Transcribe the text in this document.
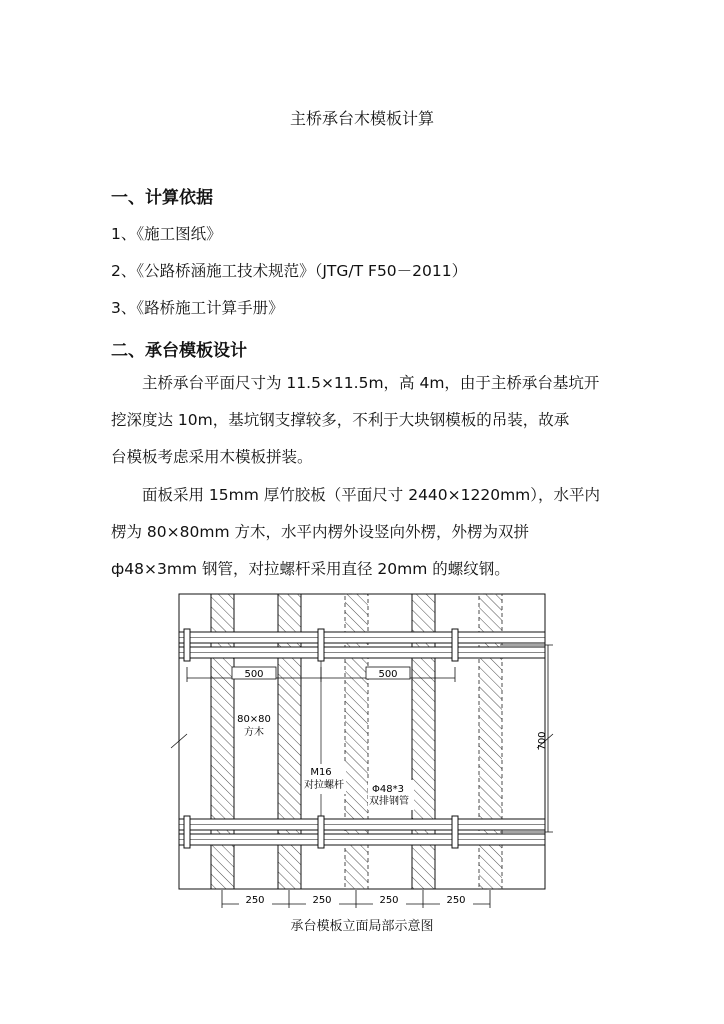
主桥承台木模板计算
一、计算依据
1、《施工图纸》
2、《公路桥涵施工技术规范》（JTG/T F50－2011）
3、《路桥施工计算手册》
二、承台模板设计

主桥承台平面尺寸为 11.5×11.5m，高 4m，由于主桥承台基坑开

挖深度达 10m，基坑钢支撑较多，不利于大块钢模板的吊装，故承

台模板考虑采用木模板拼装。

面板采用 15mm 厚竹胶板（平面尺寸 2440×1220mm），水平内

楞为 80×80mm 方木，水平内楞外设竖向外楞，外楞为双拼

ф48×3mm 钢管，对拉螺杆采用直径 20mm 的螺纹钢。

500	500
80×80
方木
M16
对拉螺杆	Φ48*3
双排钢管
700
250	250	250	250
承台模板立面局部示意图
